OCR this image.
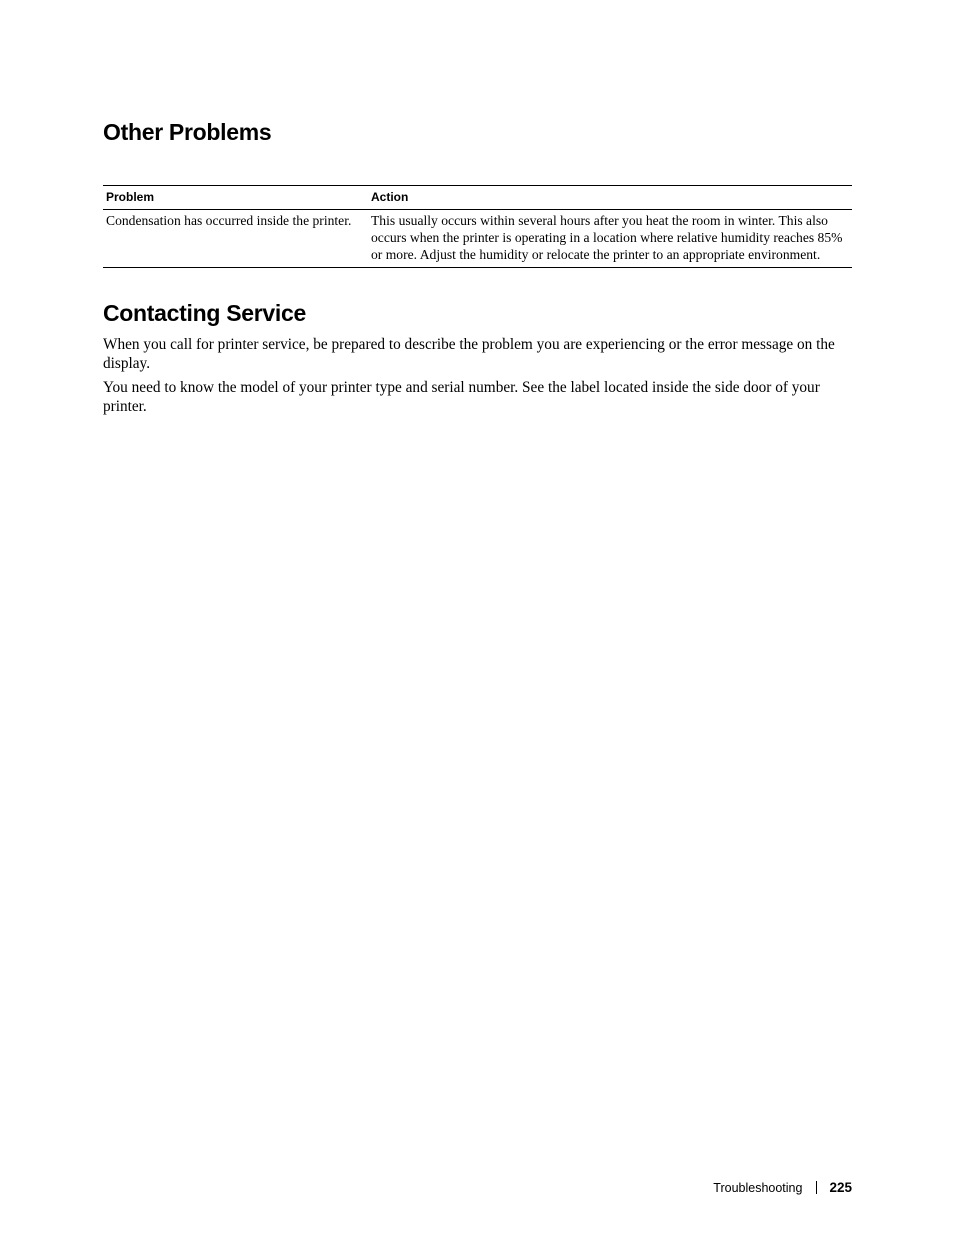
Other Problems
Problem	Action
Condensation has occurred inside the printer.	This usually occurs within several hours after you heat the room in winter. This also occurs when the printer is operating in a location where relative humidity reaches 85% or more. Adjust the humidity or relocate the printer to an appropriate environment.
Contacting Service

When you call for printer service, be prepared to describe the problem you are experiencing or the error message on the display.

You need to know the model of your printer type and serial number. See the label located inside the side door of your printer.

Troubleshooting 225
